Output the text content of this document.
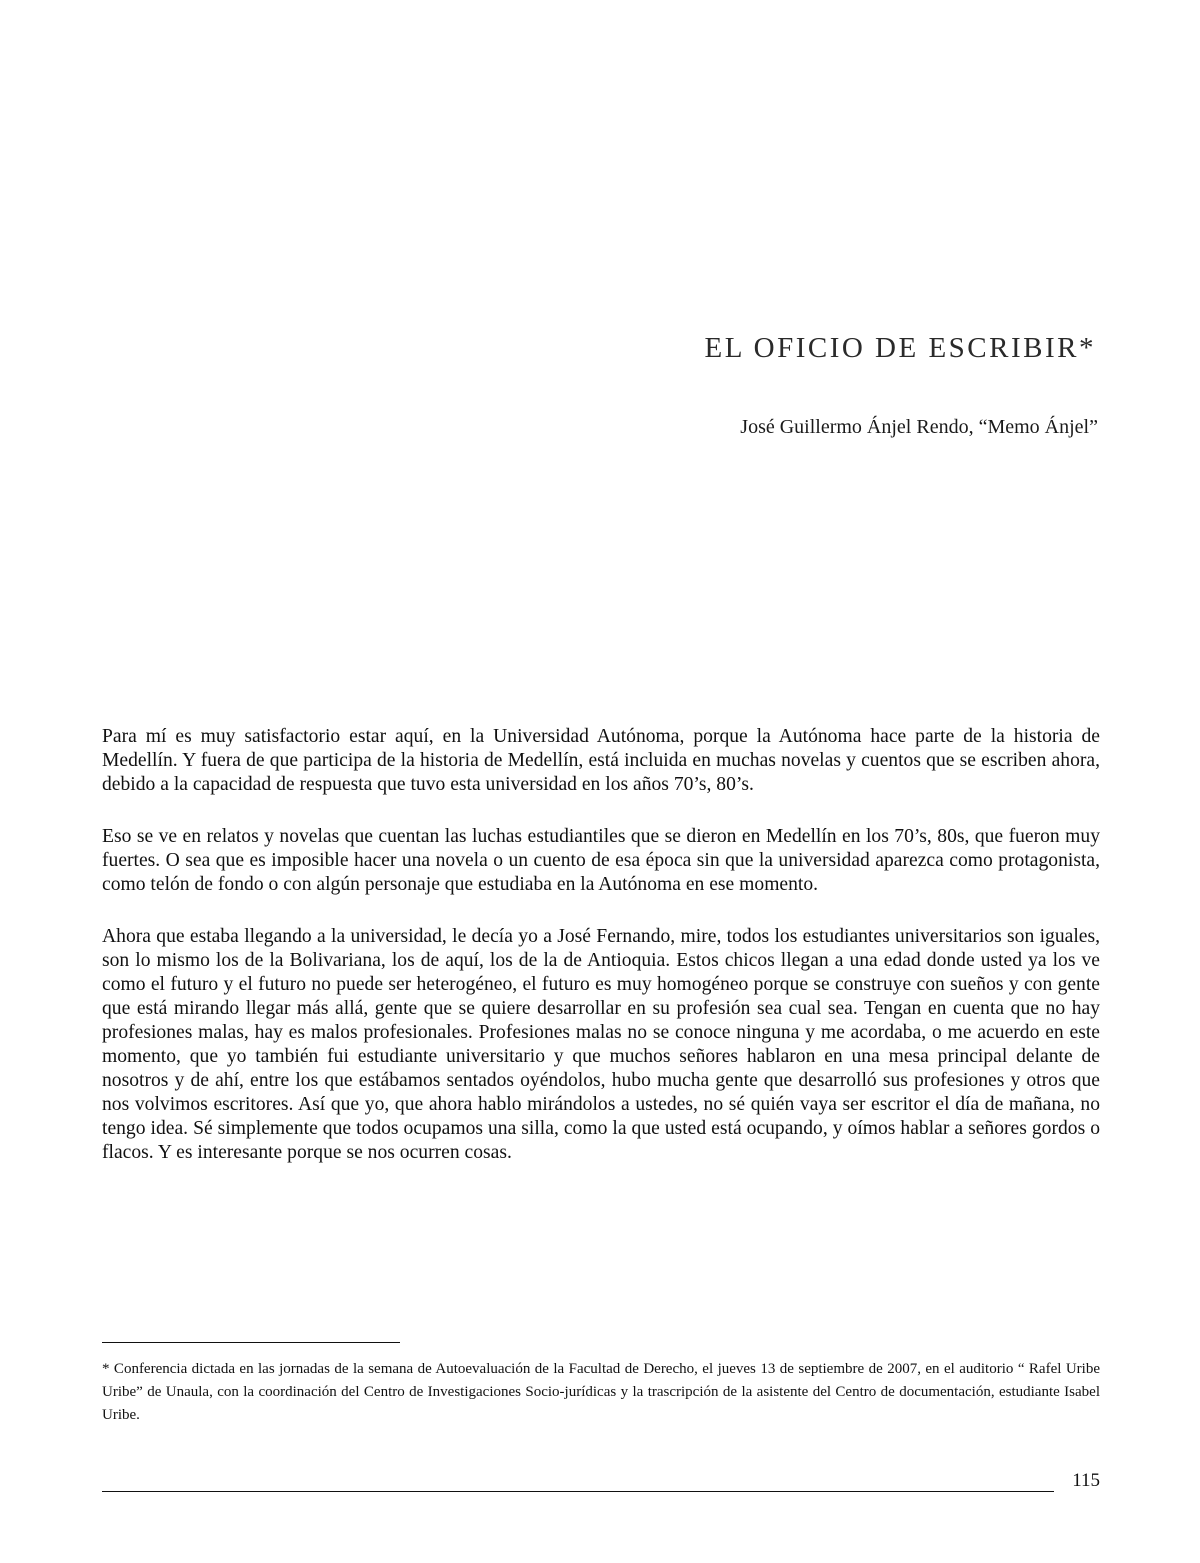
EL OFICIO DE ESCRIBIR*

José Guillermo Ánjel Rendo, “Memo Ánjel”

Para mí es muy satisfactorio estar aquí, en la Universidad Autónoma, porque la Autónoma hace parte de la historia de Medellín. Y fuera de que participa de la historia de Medellín, está incluida en muchas novelas y cuentos que se escriben ahora, debido a la capacidad de respuesta que tuvo esta universidad en los años 70’s, 80’s.

Eso se ve en relatos y novelas que cuentan las luchas estudiantiles que se dieron en Medellín en los 70’s, 80s, que fueron muy fuertes. O sea que es imposible hacer una novela o un cuento de esa época sin que la universidad aparezca como protagonista, como telón de fondo o con algún personaje que estudiaba en la Autónoma en ese momento.

Ahora que estaba llegando a la universidad, le decía yo a José Fernando, mire, todos los estudiantes universitarios son iguales, son lo mismo los de la Bolivariana, los de aquí, los de la de Antioquia. Estos chicos llegan a una edad donde usted ya los ve como el futuro y el futuro no puede ser heterogéneo, el futuro es muy homogéneo porque se construye con sueños y con gente que está mirando llegar más allá, gente que se quiere desarrollar en su profesión sea cual sea. Tengan en cuenta que no hay profesiones malas, hay es malos profesionales. Profesiones malas no se conoce ninguna y me acordaba, o me acuerdo en este momento, que yo también fui estudiante universitario y que muchos señores hablaron en una mesa principal delante de nosotros y de ahí, entre los que estábamos sentados oyéndolos, hubo mucha gente que desarrolló sus profesiones y otros que nos volvimos escritores. Así que yo, que ahora hablo mirándolos a ustedes, no sé quién vaya ser escritor el día de mañana, no tengo idea. Sé simplemente que todos ocupamos una silla, como la que usted está ocupando, y oímos hablar a señores gordos o flacos. Y es interesante porque se nos ocurren cosas.

* Conferencia dictada en las jornadas de la semana de Autoevaluación de la Facultad de Derecho, el jueves 13 de septiembre de 2007, en el auditorio “ Rafel Uribe Uribe” de Unaula, con la coordinación del Centro de Investigaciones Socio-jurídicas y la trascripción de la asistente del Centro de documentación, estudiante Isabel Uribe.

115
